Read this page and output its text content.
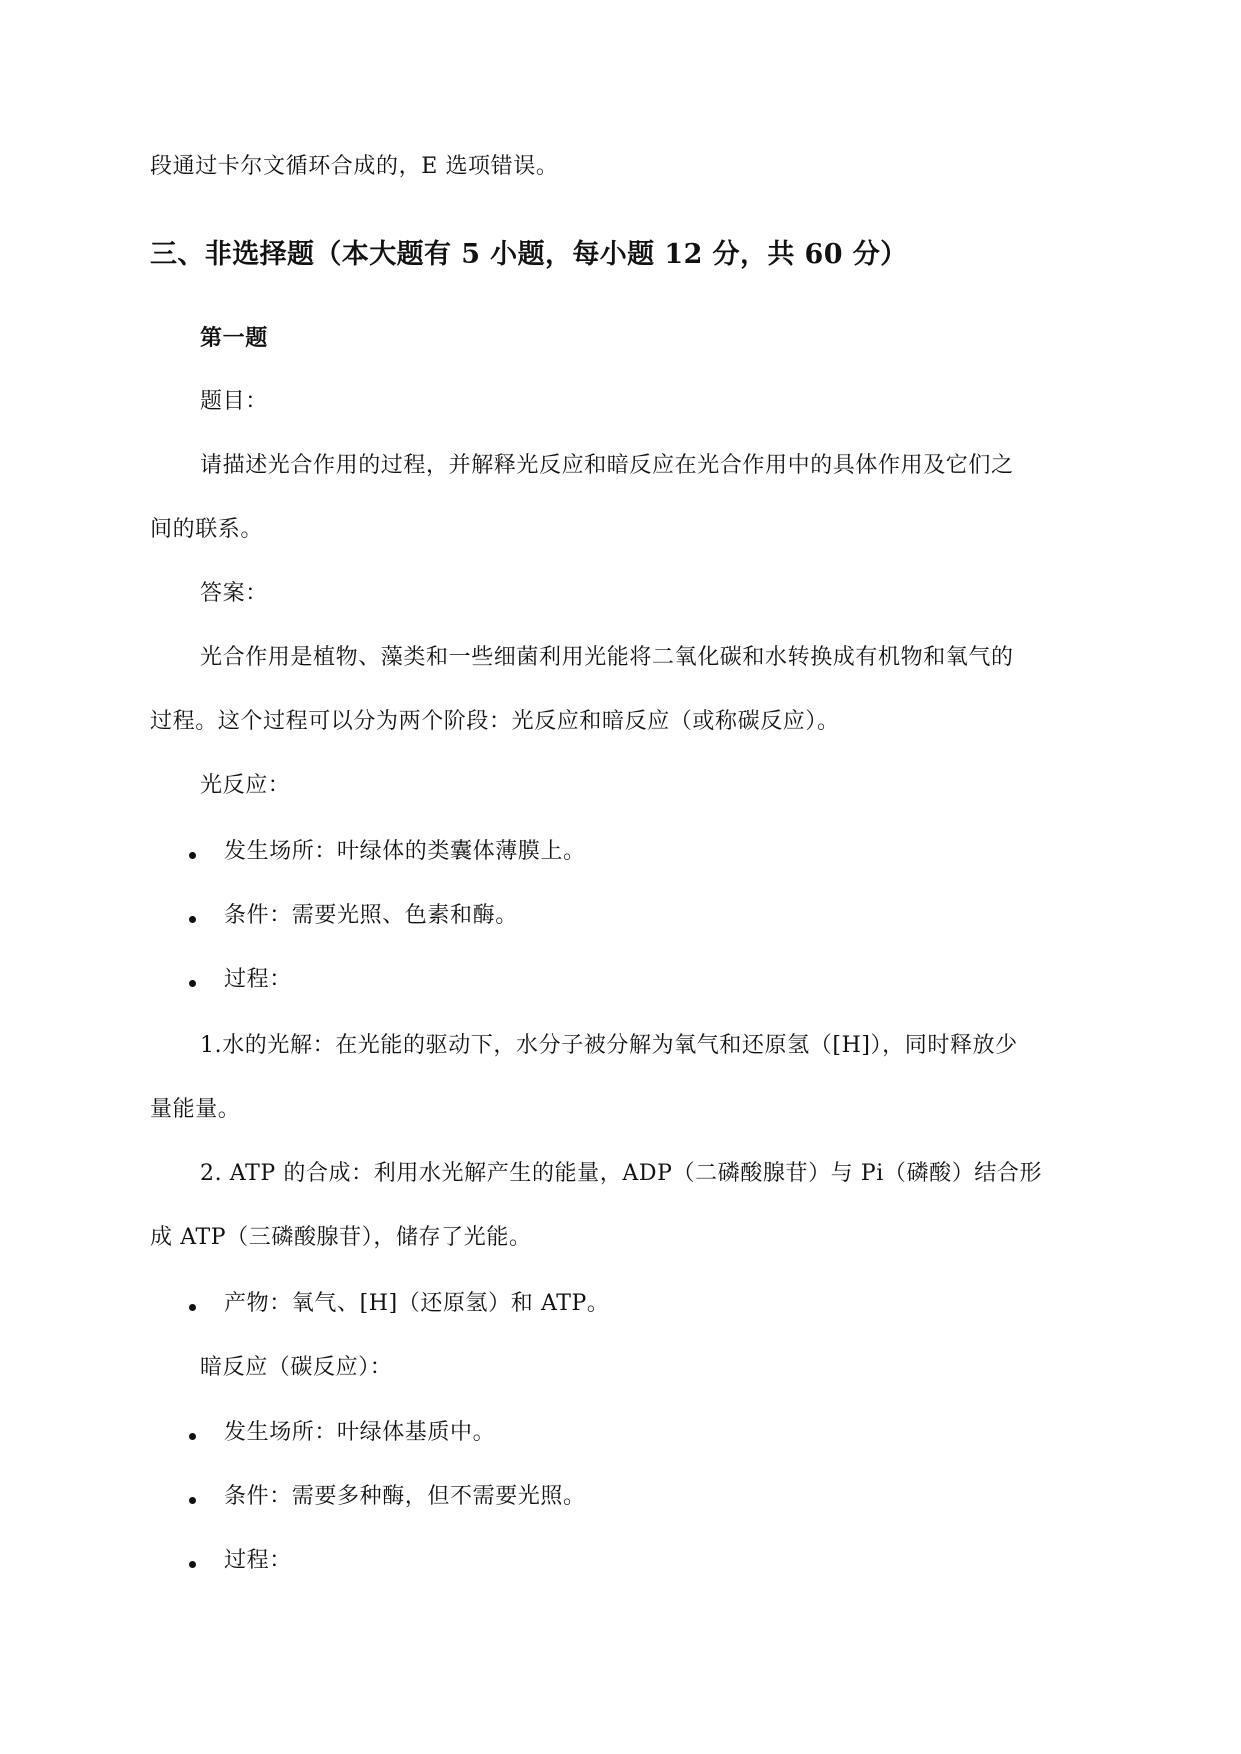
段通过卡尔文循环合成的，E 选项错误。
三、非选择题（本大题有 5 小题，每小题 12 分，共 60 分）
第一题
题目：
请描述光合作用的过程，并解释光反应和暗反应在光合作用中的具体作用及它们之
间的联系。
答案：
光合作用是植物、藻类和一些细菌利用光能将二氧化碳和水转换成有机物和氧气的
过程。这个过程可以分为两个阶段：光反应和暗反应（或称碳反应）。
光反应：
发生场所：叶绿体的类囊体薄膜上。
条件：需要光照、色素和酶。
过程：
1.水的光解：在光能的驱动下，水分子被分解为氧气和还原氢（[H]），同时释放少
量能量。
2. ATP 的合成：利用水光解产生的能量，ADP（二磷酸腺苷）与 Pi（磷酸）结合形
成 ATP（三磷酸腺苷），储存了光能。
产物：氧气、[H]（还原氢）和 ATP。
暗反应（碳反应）：
发生场所：叶绿体基质中。
条件：需要多种酶，但不需要光照。
过程：
